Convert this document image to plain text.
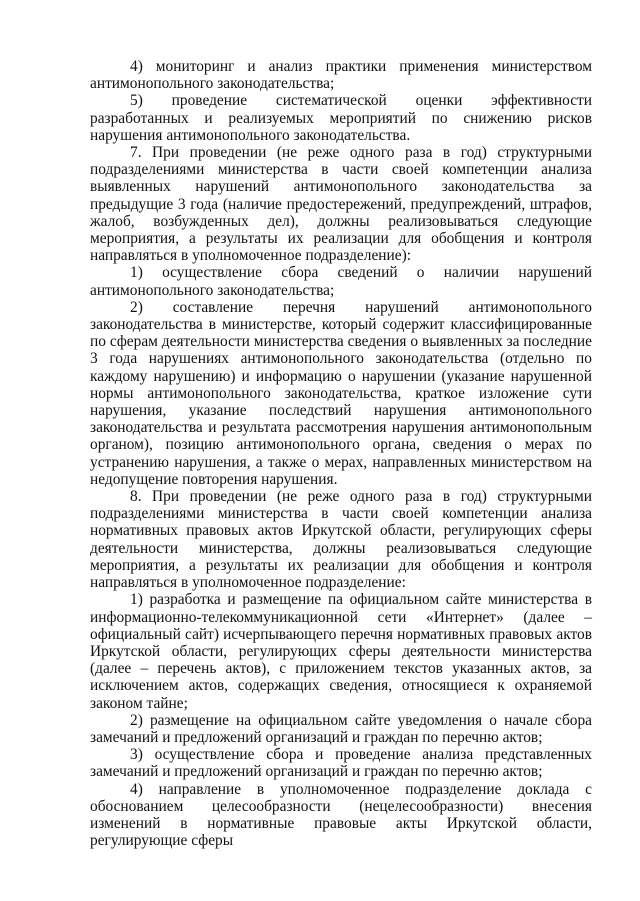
4) мониторинг и анализ практики применения министерством антимонопольного законодательства;

5) проведение систематической оценки эффективности разработанных и реализуемых мероприятий по снижению рисков нарушения антимонопольного законодательства.

7. При проведении (не реже одного раза в год) структурными подразделениями министерства в части своей компетенции анализа выявленных нарушений антимонопольного законодательства за предыдущие 3 года (наличие предостережений, предупреждений, штрафов, жалоб, возбужденных дел), должны реализовываться следующие мероприятия, а результаты их реализации для обобщения и контроля направляться в уполномоченное подразделение):

1) осуществление сбора сведений о наличии нарушений антимонопольного законодательства;

2) составление перечня нарушений антимонопольного законодательства в министерстве, который содержит классифицированные по сферам деятельности министерства сведения о выявленных за последние 3 года нарушениях антимонопольного законодательства (отдельно по каждому нарушению) и информацию о нарушении (указание нарушенной нормы антимонопольного законодательства, краткое изложение сути нарушения, указание последствий нарушения антимонопольного законодательства и результата рассмотрения нарушения антимонопольным органом), позицию антимонопольного органа, сведения о мерах по устранению нарушения, а также о мерах, направленных министерством на недопущение повторения нарушения.

8. При проведении (не реже одного раза в год) структурными подразделениями министерства в части своей компетенции анализа нормативных правовых актов Иркутской области, регулирующих сферы деятельности министерства, должны реализовываться следующие мероприятия, а результаты их реализации для обобщения и контроля направляться в уполномоченное подразделение:

1) разработка и размещение па официальном сайте министерства в информационно-телекоммуникационной сети «Интернет» (далее – официальный сайт) исчерпывающего перечня нормативных правовых актов Иркутской области, регулирующих сферы деятельности министерства (далее – перечень актов), с приложением текстов указанных актов, за исключением актов, содержащих сведения, относящиеся к охраняемой законом тайне;

2) размещение на официальном сайте уведомления о начале сбора замечаний и предложений организаций и граждан по перечню актов;

3) осуществление сбора и проведение анализа представленных замечаний и предложений организаций и граждан по перечню актов;

4) направление в уполномоченное подразделение доклада с обоснованием целесообразности (нецелесообразности) внесения изменений в нормативные правовые акты Иркутской области, регулирующие сферы
